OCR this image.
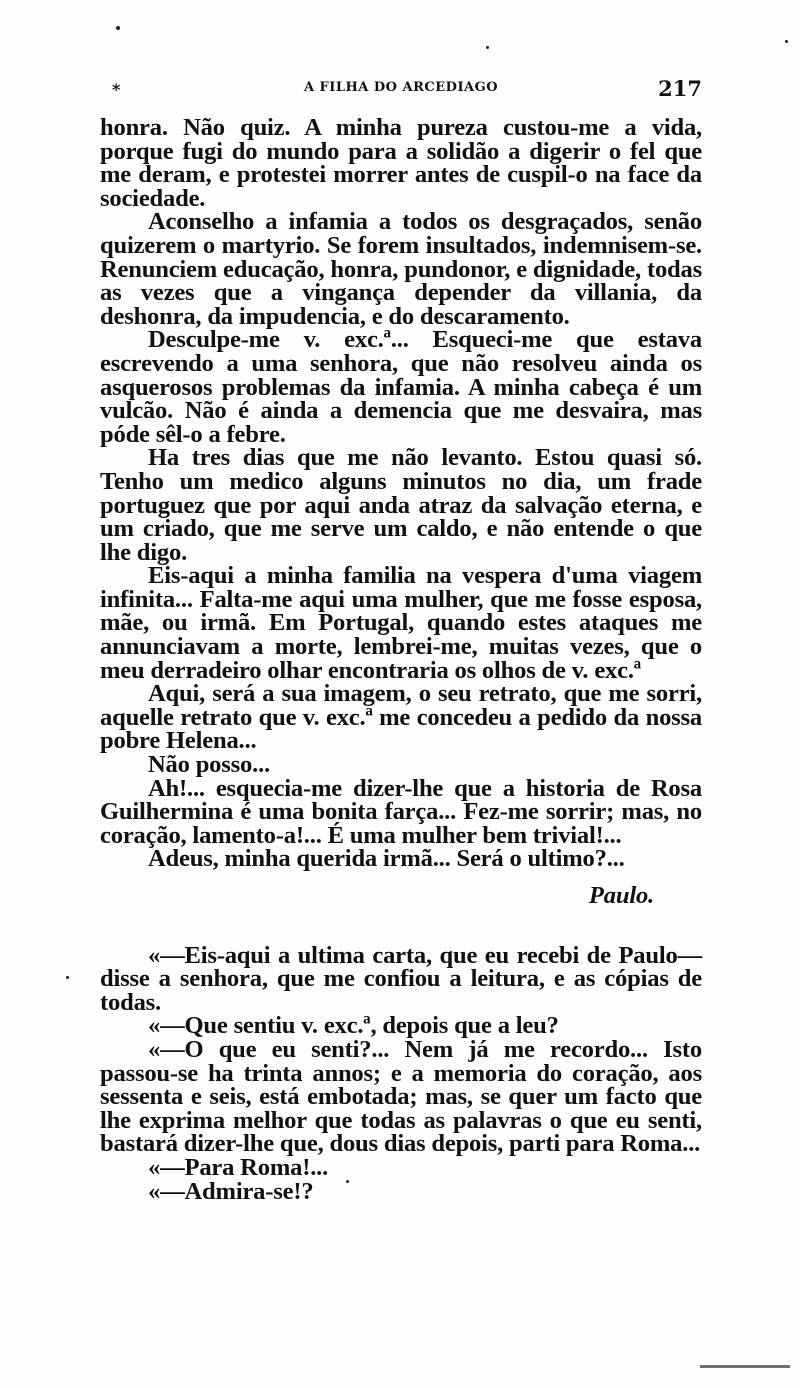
*	A FILHA DO ARCEDIAGO	217

honra. Não quiz. A minha pureza custou-me a vida, porque fugi do mundo para a solidão a digerir o fel que me deram, e protestei morrer antes de cuspil-o na face da sociedade.

Aconselho a infamia a todos os desgraçados, senão quizerem o martyrio. Se forem insultados, indemnisem-se. Renunciem educação, honra, pundonor, e dignidade, todas as vezes que a vingança depender da villania, da deshonra, da impudencia, e do descaramento.

Desculpe-me v. exc.ª... Esqueci-me que estava escrevendo a uma senhora, que não resolveu ainda os asquerosos problemas da infamia. A minha cabeça é um vulcão. Não é ainda a demencia que me desvaira, mas póde sêl-o a febre.

Ha tres dias que me não levanto. Estou quasi só. Tenho um medico alguns minutos no dia, um frade portuguez que por aqui anda atraz da salvação eterna, e um criado, que me serve um caldo, e não entende o que lhe digo.

Eis-aqui a minha familia na vespera d'uma viagem infinita... Falta-me aqui uma mulher, que me fosse esposa, mãe, ou irmã. Em Portugal, quando estes ataques me annunciavam a morte, lembrei-me, muitas vezes, que o meu derradeiro olhar encontraria os olhos de v. exc.ª

Aqui, será a sua imagem, o seu retrato, que me sorri, aquelle retrato que v. exc.ª me concedeu a pedido da nossa pobre Helena...

Não posso...

Ah!... esquecia-me dizer-lhe que a historia de Rosa Guilhermina é uma bonita farça... Fez-me sorrir; mas, no coração, lamento-a!... É uma mulher bem trivial!...

Adeus, minha querida irmã... Será o ultimo?...

Paulo.

«—Eis-aqui a ultima carta, que eu recebi de Paulo— disse a senhora, que me confiou a leitura, e as cópias de todas.

«—Que sentiu v. exc.ª, depois que a leu?

«—O que eu senti?... Nem já me recordo... Isto passou-se ha trinta annos; e a memoria do coração, aos sessenta e seis, está embotada; mas, se quer um facto que lhe exprima melhor que todas as palavras o que eu senti, bastará dizer-lhe que, dous dias depois, parti para Roma...

«—Para Roma!...

«—Admira-se!?
